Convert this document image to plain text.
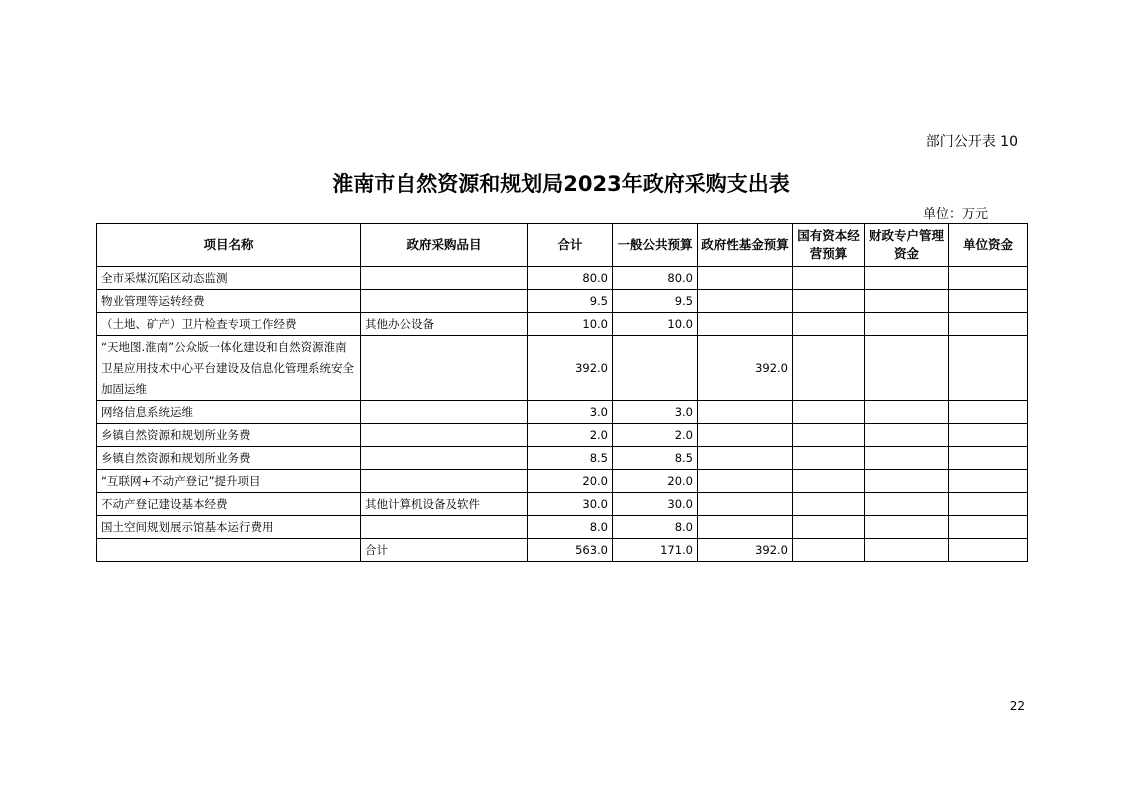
部门公开表 10
淮南市自然资源和规划局2023年政府采购支出表
单位：万元
项目名称	政府采购品目	合计	一般公共预算	政府性基金预算	国有资本经营预算	财政专户管理资金	单位资金
全市采煤沉陷区动态监测		80.0	80.0				
物业管理等运转经费		9.5	9.5				
（土地、矿产）卫片检查专项工作经费	其他办公设备	10.0	10.0				
“天地图.淮南”公众版一体化建设和自然资源淮南卫星应用技术中心平台建设及信息化管理系统安全加固运维		392.0		392.0			
网络信息系统运维		3.0	3.0				
乡镇自然资源和规划所业务费		2.0	2.0				
乡镇自然资源和规划所业务费		8.5	8.5				
“互联网+不动产登记”提升项目		20.0	20.0				
不动产登记建设基本经费	其他计算机设备及软件	30.0	30.0				
国土空间规划展示馆基本运行费用		8.0	8.0				
	合计	563.0	171.0	392.0			
22
